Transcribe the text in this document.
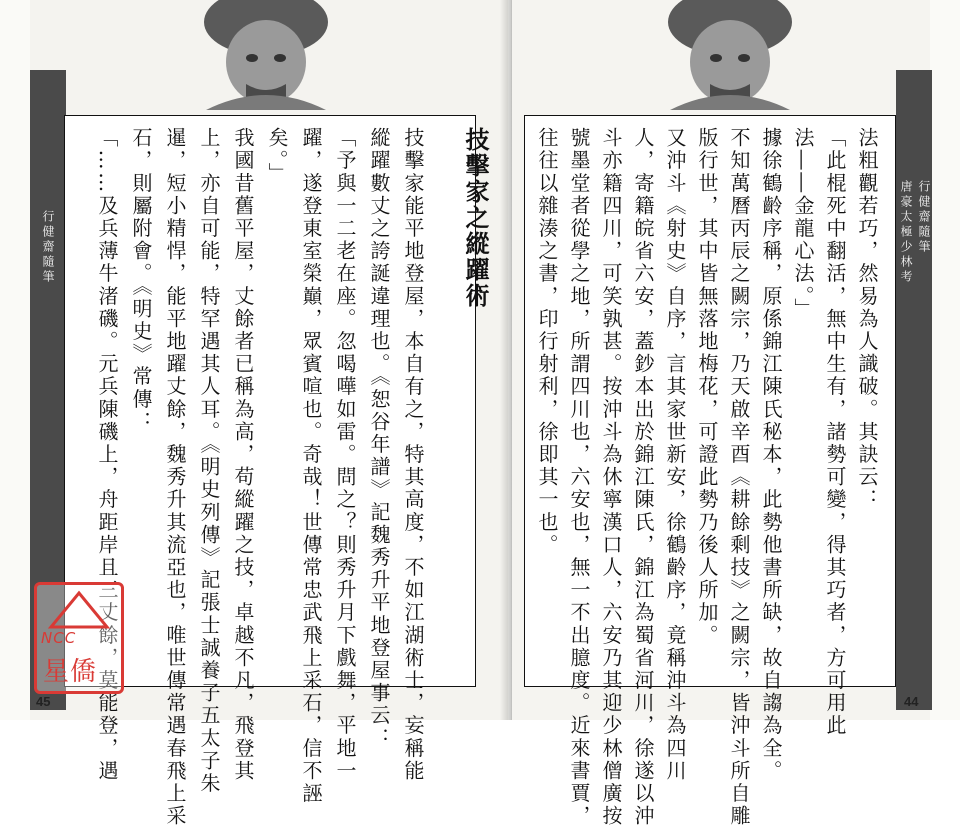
行健齋隨筆	技擊家之縱躍術
技擊家能平地登屋，本自有之，特其高度，不如江湖術士，妄稱能
縱躍數丈之誇誕違理也。《恕谷年譜》記魏秀升平地登屋事云：
「予與一二老在座。忽喝嘩如雷。問之？則秀升月下戲舞，平地一
躍，遂登東室榮巔，眾賓喧也。奇哉！世傳常忠武飛上采石，信不誣
矣。」
我國昔舊平屋，丈餘者已稱為高，苟縱躍之技，卓越不凡，飛登其
上，亦自可能，特罕遇其人耳。《明史列傳》記張士誠養子五太子朱
暹，短小精悍，能平地躍丈餘，魏秀升其流亞也，唯世傳常遇春飛上采
石，則屬附會。《明史》常傳：
「……及兵薄牛渚磯。元兵陳磯上，舟距岸且三丈餘，莫能登，遇
45
行健齋隨筆
唐豪太極少林考
法粗觀若巧，然易為人識破。其訣云：
「此棍死中翻活，無中生有，諸勢可變，得其巧者，方可用此
法――金龍心法。」
據徐鶴齡序稱，原係錦江陳氏秘本，此勢他書所缺，故自謅為全。
不知萬曆丙辰之闕宗，乃天啟辛酉《耕餘剩技》之闕宗，皆沖斗所自雕
版行世，其中皆無落地梅花，可證此勢乃後人所加。
又沖斗《射史》自序，言其家世新安，徐鶴齡序，竟稱沖斗為四川
人，寄籍皖省六安，蓋鈔本出於錦江陳氏，錦江為蜀省河川，徐遂以沖
斗亦籍四川，可笑孰甚。按沖斗為休寧漢口人，六安乃其迎少林僧廣按
號墨堂者從學之地，所謂四川也，六安也，無一不出臆度。近來書賈，
往往以雜湊之書，印行射利，徐即其一也。
44
NCC
星僑
